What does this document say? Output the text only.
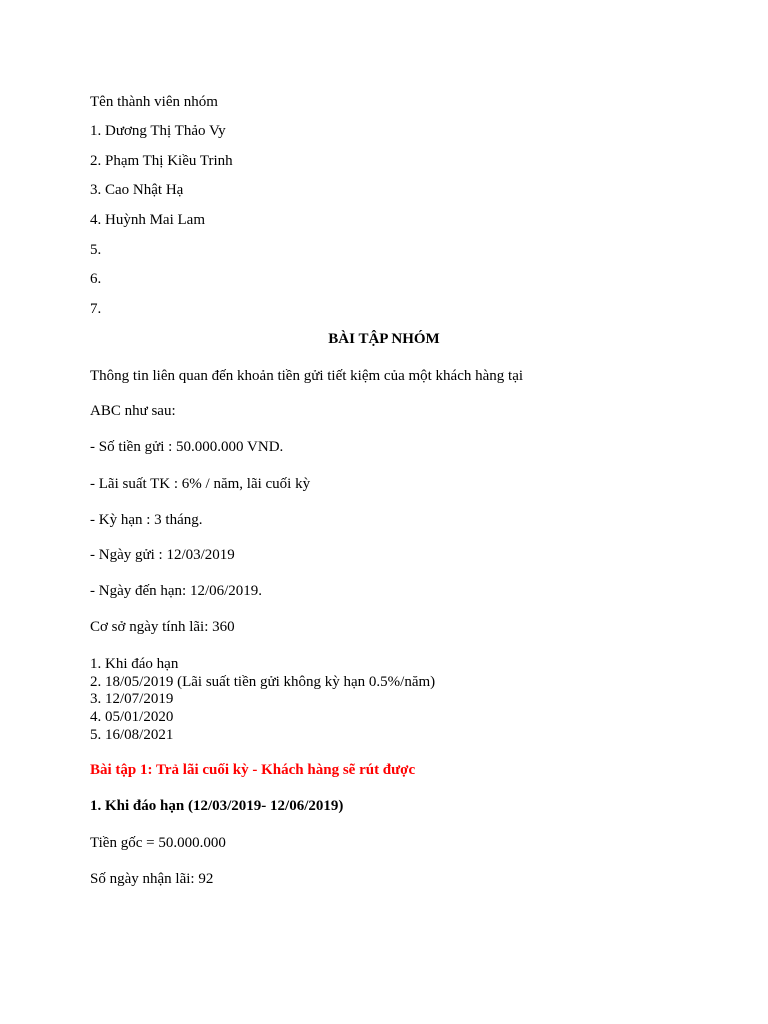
Tên thành viên nhóm
1. Dương Thị Thảo Vy
2. Phạm Thị Kiều Trinh
3. Cao Nhật Hạ
4. Huỳnh Mai Lam
5.
6.
7.
BÀI TẬP NHÓM
Thông tin liên quan đến khoản tiền gửi tiết kiệm của một khách hàng tại
ABC như sau:
- Số tiền gửi : 50.000.000 VND.
- Lãi suất TK : 6% / năm, lãi cuối kỳ
- Kỳ hạn : 3 tháng.
- Ngày gửi : 12/03/2019
- Ngày đến hạn: 12/06/2019.
Cơ sở ngày tính lãi: 360
1. Khi đáo hạn
2. 18/05/2019 (Lãi suất tiền gửi không kỳ hạn 0.5%/năm)
3. 12/07/2019
4. 05/01/2020
5. 16/08/2021
Bài tập 1: Trả lãi cuối kỳ - Khách hàng sẽ rút được
1. Khi đáo hạn (12/03/2019- 12/06/2019)
Tiền gốc = 50.000.000
Số ngày nhận lãi: 92
